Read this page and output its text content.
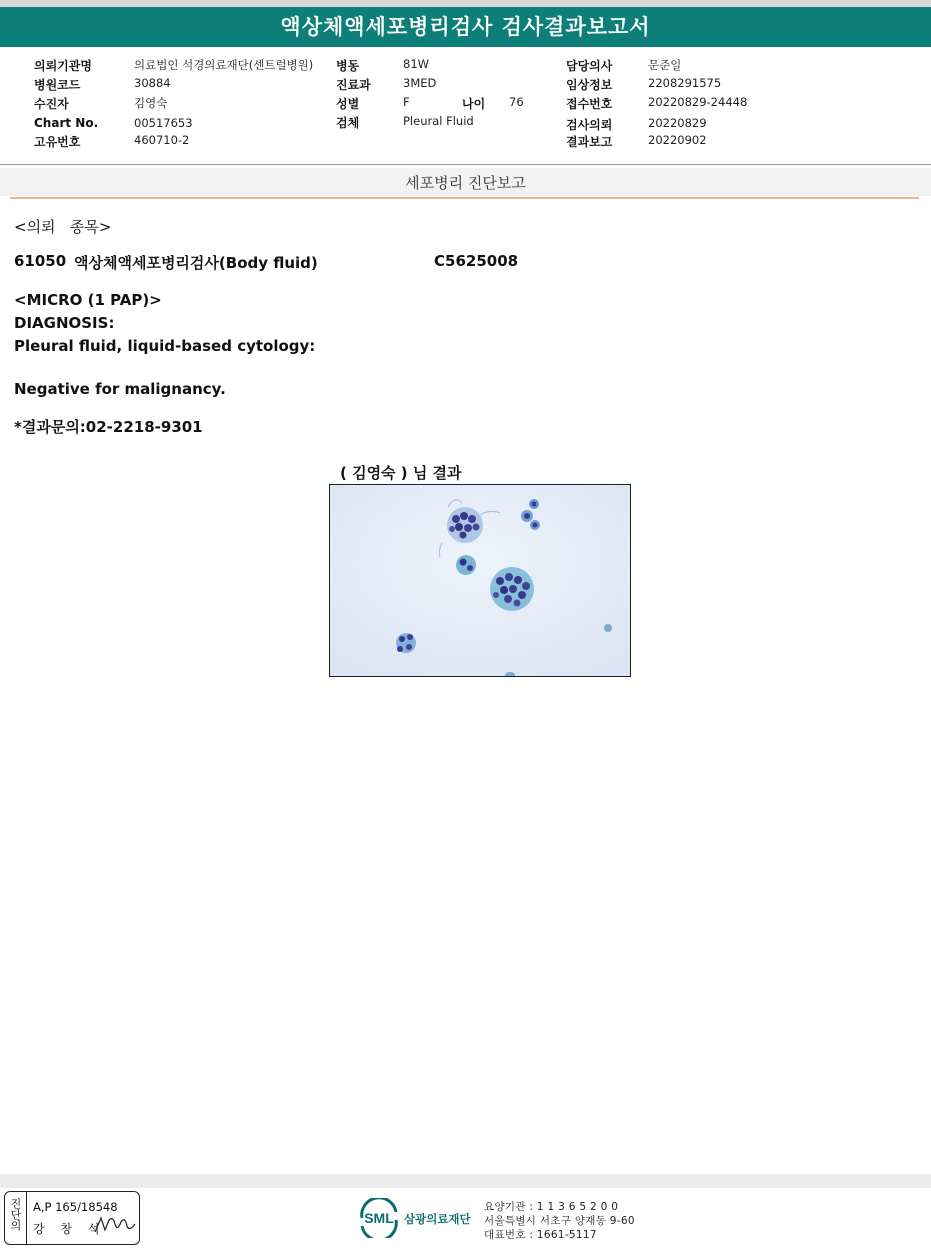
액상체액세포병리검사 검사결과보고서
의뢰기관명	의료법인 석경의료재단(센트럴병원)
병원코드	30884
수진자	김영숙
Chart No.	00517653
고유번호	460710-2
병동	81W
진료과	3MED
성별	F	나이 76
검체	Pleural Fluid
담당의사	문준일
임상정보	2208291575
접수번호	20220829-24448
검사의뢰	20220829
결과보고	20220902
세포병리 진단보고
<의뢰   종목>
61050 액상체액세포병리검사(Body fluid)	C5625008
<MICRO (1 PAP)>
DIAGNOSIS:
Pleural fluid, liquid-based cytology:
Negative for malignancy.
*결과문의:02-2218-9301
( 김영숙 ) 님 결과
진단의 A,P 165/18548
강 창 석
SML 삼광의료재단
요양기관 : 1 1 3 6 5 2 0 0
서울특별시 서초구 양재동 9-60
대표번호 : 1661-5117
